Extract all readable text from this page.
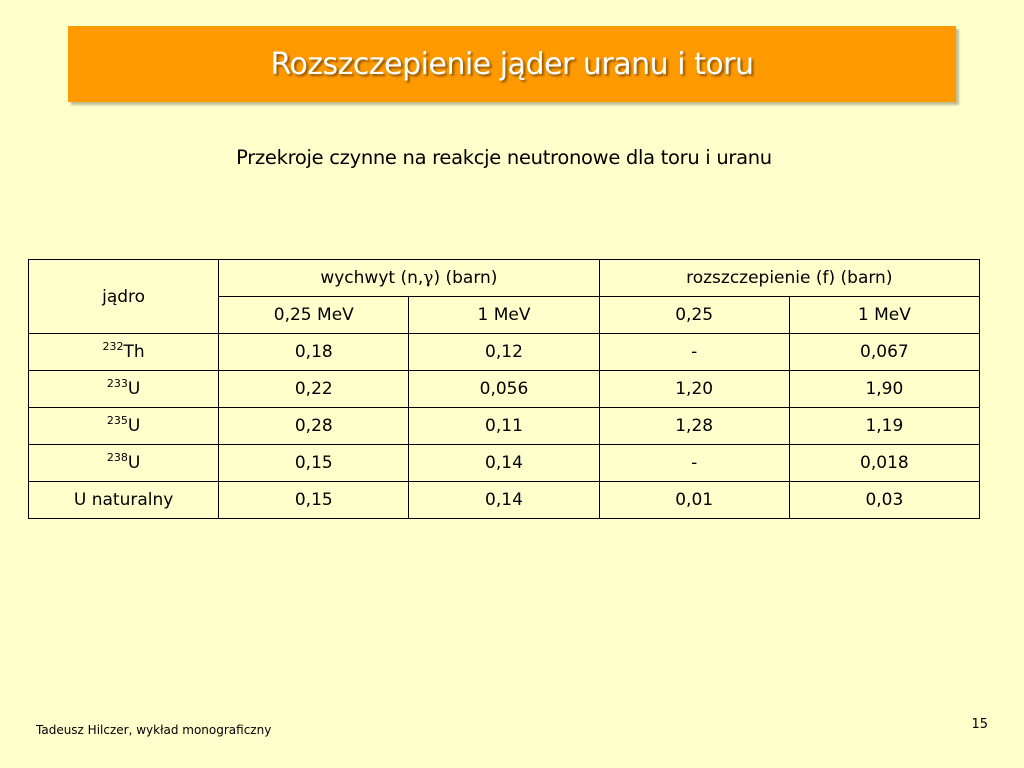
Rozszczepienie jąder uranu i toru
Przekroje czynne na reakcje neutronowe dla toru i uranu
jądro	wychwyt (n,γ) (barn)		rozszczepienie (f) (barn)	
	0,25 MeV	1 MeV	0,25	1 MeV
$^{232}$Th	0,18	0,12	-	0,067
$^{233}$U	0,22	0,056	1,20	1,90
$^{235}$U	0,28	0,11	1,28	1,19
$^{238}$U	0,15	0,14	-	0,018
U naturalny	0,15	0,14	0,01	0,03
Tadeusz Hilczer, wykład monograficzny	15
